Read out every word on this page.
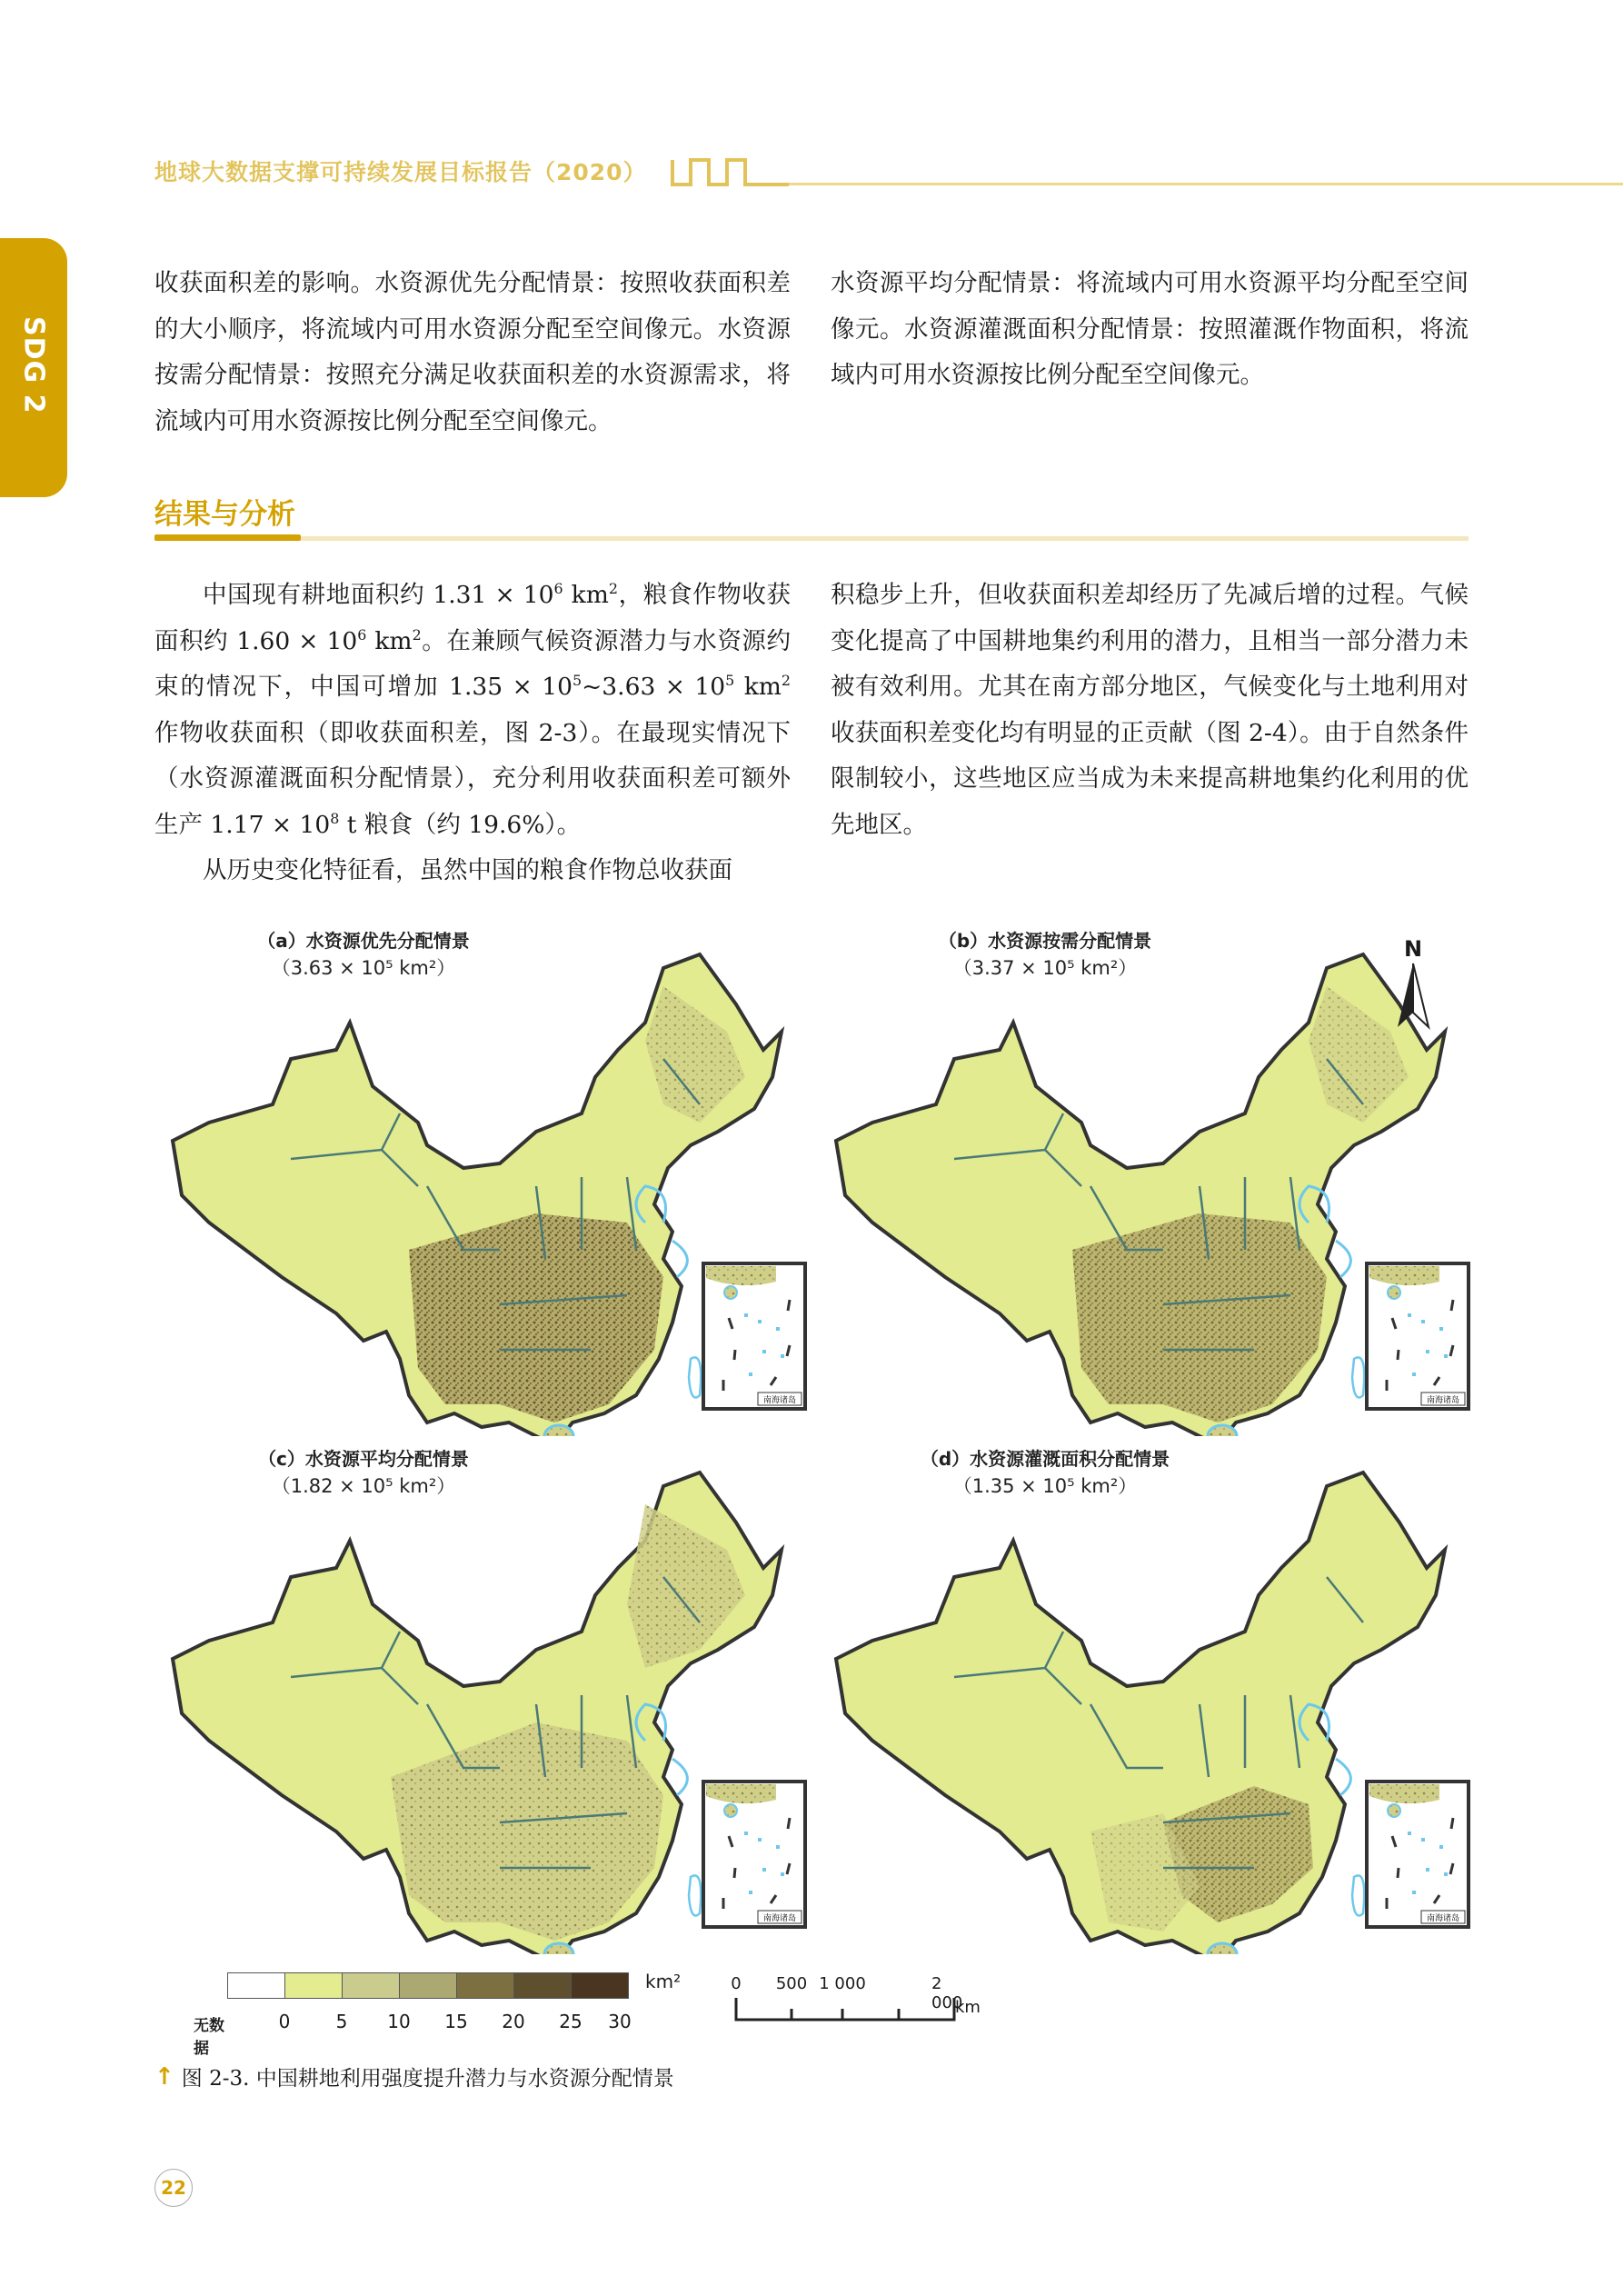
地球大数据支撑可持续发展目标报告（2020）
SDG 2

收获面积差的影响。水资源优先分配情景：按照收获面积差的大小顺序，将流域内可用水资源分配至空间像元。水资源按需分配情景：按照充分满足收获面积差的水资源需求，将流域内可用水资源按比例分配至空间像元。

水资源平均分配情景：将流域内可用水资源平均分配至空间像元。水资源灌溉面积分配情景：按照灌溉作物面积，将流域内可用水资源按比例分配至空间像元。

结果与分析

中国现有耕地面积约 $1.31 \times 10^6$ $km^2$，粮食作物收获面积约 $1.60 \times 10^6$ $km^2$。在兼顾气候资源潜力与水资源约束的情况下，中国可增加 $1.35 \times 10^5\sim 3.63 \times 10^5$ $km^2$ 作物收获面积（即收获面积差，图 2-3）。在最现实情况下（水资源灌溉面积分配情景），充分利用收获面积差可额外生产 $1.17 \times 10^8$ t 粮食（约 19.6%）。

从历史变化特征看，虽然中国的粮食作物总收获面

积稳步上升，但收获面积差却经历了先减后增的过程。气候变化提高了中国耕地集约利用的潜力，且相当一部分潜力未被有效利用。尤其在南方部分地区，气候变化与土地利用对收获面积差变化均有明显的正贡献（图 2-4）。由于自然条件限制较小，这些地区应当成为未来提高耕地集约化利用的优先地区。

（a）水资源优先分配情景
（3.63 × 10⁵ km²）
南海诸岛
（b）水资源按需分配情景
（3.37 × 10⁵ km²）
南海诸岛
N
（c）水资源平均分配情景
（1.82 × 10⁵ km²）
南海诸岛
（d）水资源灌溉面积分配情景
（1.35 × 10⁵ km²）
南海诸岛
km²
无数据
0	5 10 15 20 25 30
0 500 1 000	2 000
km
↑ 图 2-3. 中国耕地利用强度提升潜力与水资源分配情景
22
